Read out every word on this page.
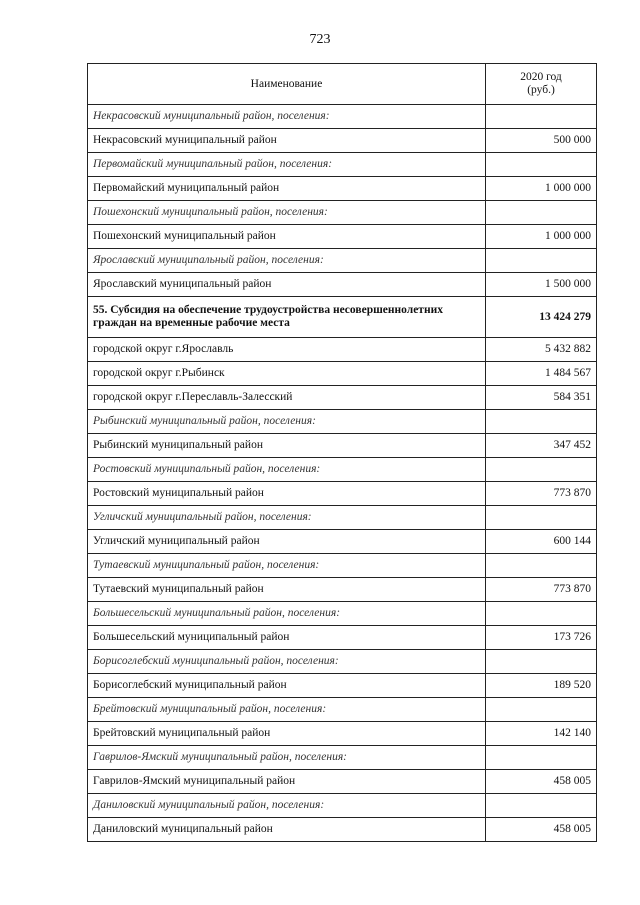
723
Наименование	2020 год
(руб.)
Некрасовский муниципальный район, поселения:	
Некрасовский муниципальный район	500 000
Первомайский муниципальный район, поселения:	
Первомайский муниципальный район	1 000 000
Пошехонский муниципальный район, поселения:	
Пошехонский муниципальный район	1 000 000
Ярославский муниципальный район, поселения:	
Ярославский муниципальный район	1 500 000
55. Субсидия на обеспечение трудоустройства несовершеннолетних граждан на временные рабочие места	13 424 279
городской округ г.Ярославль	5 432 882
городской округ г.Рыбинск	1 484 567
городской округ г.Переславль-Залесский	584 351
Рыбинский муниципальный район, поселения:	
Рыбинский муниципальный район	347 452
Ростовский муниципальный район, поселения:	
Ростовский муниципальный район	773 870
Угличский муниципальный район, поселения:	
Угличский муниципальный район	600 144
Тутаевский муниципальный район, поселения:	
Тутаевский муниципальный район	773 870
Большесельский муниципальный район, поселения:	
Большесельский муниципальный район	173 726
Борисоглебский муниципальный район, поселения:	
Борисоглебский муниципальный район	189 520
Брейтовский муниципальный район, поселения:	
Брейтовский муниципальный район	142 140
Гаврилов-Ямский муниципальный район, поселения:	
Гаврилов-Ямский муниципальный район	458 005
Даниловский муниципальный район, поселения:	
Даниловский муниципальный район	458 005
